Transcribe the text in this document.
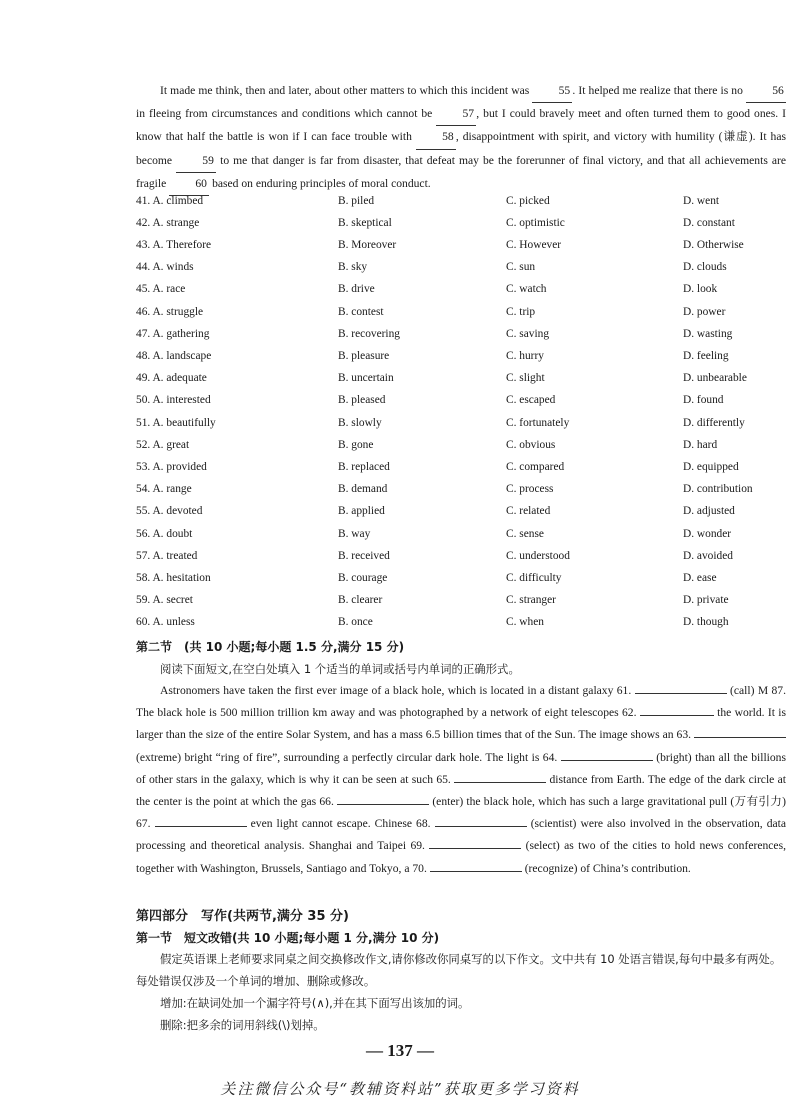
It made me think, then and later, about other matters to which this incident was	55 . It helped me realize that there is no	56 in fleeing from circumstances and conditions which cannot be	57 , but I could bravely meet and often turned them to good ones. I know that half the battle is won if I can face trouble with	58 , disappointment with spirit, and victory with humility (谦虚). It has become	59 to me that danger is far from disaster, that defeat may be the forerunner of final victory, and that all achievements are fragile	60 based on enduring principles of moral conduct.
41. A. climbed	B. piled	C. picked	D. went
42. A. strange	B. skeptical	C. optimistic	D. constant
43. A. Therefore	B. Moreover	C. However	D. Otherwise
44. A. winds	B. sky	C. sun	D. clouds
45. A. race	B. drive	C. watch	D. look
46. A. struggle	B. contest	C. trip	D. power
47. A. gathering	B. recovering	C. saving	D. wasting
48. A. landscape	B. pleasure	C. hurry	D. feeling
49. A. adequate	B. uncertain	C. slight	D. unbearable
50. A. interested	B. pleased	C. escaped	D. found
51. A. beautifully	B. slowly	C. fortunately	D. differently
52. A. great	B. gone	C. obvious	D. hard
53. A. provided	B. replaced	C. compared	D. equipped
54. A. range	B. demand	C. process	D. contribution
55. A. devoted	B. applied	C. related	D. adjusted
56. A. doubt	B. way	C. sense	D. wonder
57. A. treated	B. received	C. understood	D. avoided
58. A. hesitation	B. courage	C. difficulty	D. ease
59. A. secret	B. clearer	C. stranger	D. private
60. A. unless	B. once	C. when	D. though
第二节　(共 10 小题;每小题 1.5 分,满分 15 分)
阅读下面短文,在空白处填入 1 个适当的单词或括号内单词的正确形式。
Astronomers have taken the first ever image of a black hole, which is located in a distant galaxy 61.	(call) M 87. The black hole is 500 million trillion km away and was photographed by a network of eight telescopes 62.	the world. It is larger than the size of the entire Solar System, and has a mass 6.5 billion times that of the Sun. The image shows an 63.  (extreme) bright “ring of fire”, surrounding a perfectly circular dark hole. The light is 64.	(bright) than all the billions of other stars in the galaxy, which is why it can be seen at such 65.	distance from Earth. The edge of the dark circle at the center is the point at which the gas 66.	(enter) the black hole, which has such a large gravitational pull (万有引力) 67.	even light cannot escape. Chinese 68.	(scientist) were also involved in the observation, data processing and theoretical analysis. Shanghai and Taipei 69.	(select) as two of the cities to hold news conferences, together with Washington, Brussels, Santiago and Tokyo, a 70.	(recognize) of China’s contribution.
第四部分　写作(共两节,满分 35 分)
第一节　短文改错(共 10 小题;每小题 1 分,满分 10 分)
假定英语课上老师要求同桌之间交换修改作文,请你修改你同桌写的以下作文。文中共有 10 处语言错误,每句中最多有两处。每处错误仅涉及一个单词的增加、删除或修改。
增加:在缺词处加一个漏字符号(∧),并在其下面写出该加的词。
删除:把多余的词用斜线(\)划掉。
— 137 —
关注微信公众号“教辅资料站”获取更多学习资料
